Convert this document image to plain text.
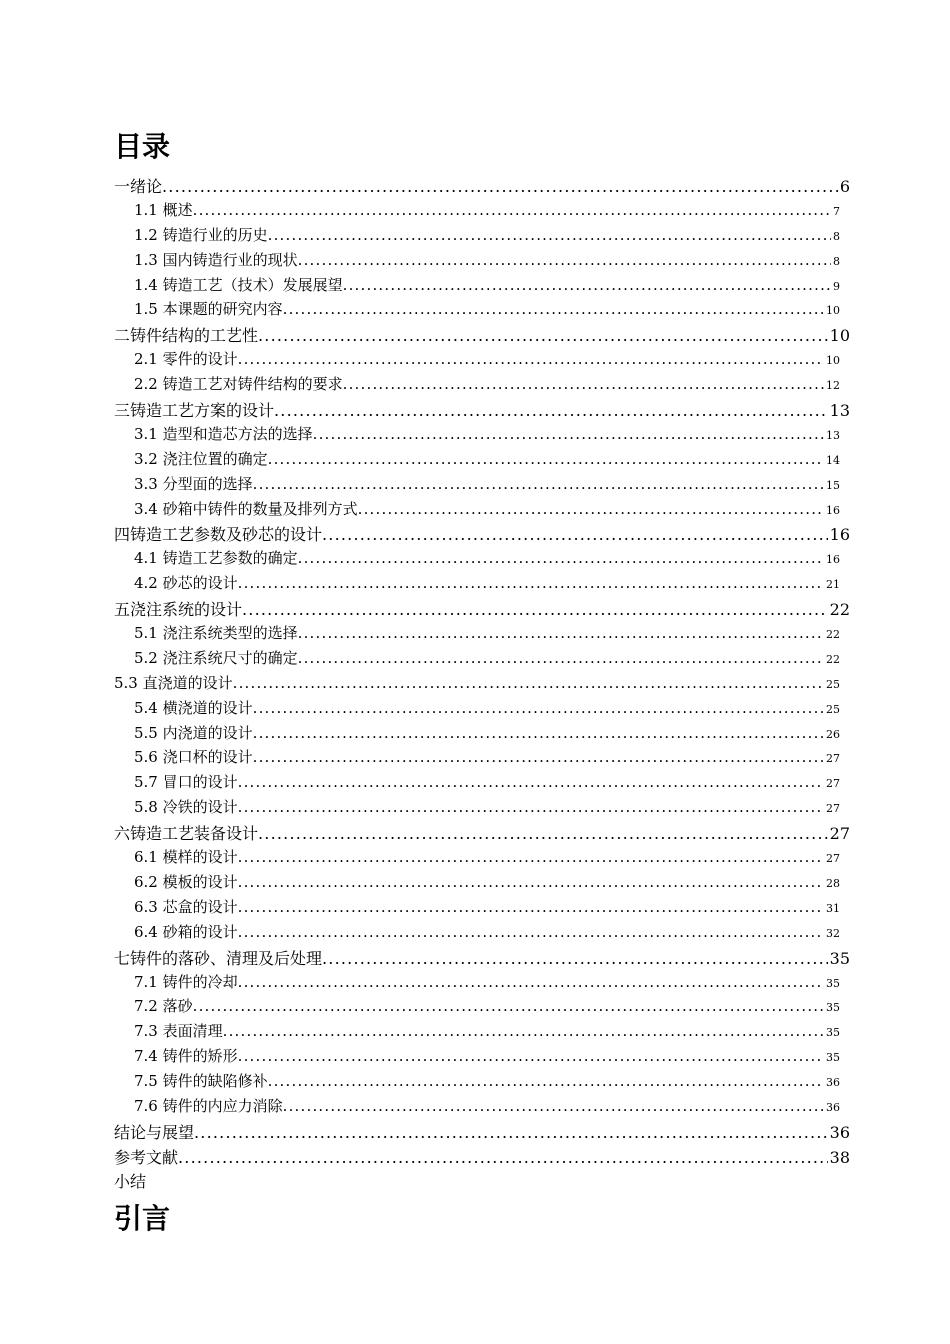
目录
一绪论 .....	6
1.1 概述 .....	7
1.2 铸造行业的历史 .....	8
1.3 国内铸造行业的现状 .....	8
1.4 铸造工艺（技术）发展展望 .....	9
1.5 本课题的研究内容 .....	10
二铸件结构的工艺性 .....	10
2.1 零件的设计 .....	10
2.2 铸造工艺对铸件结构的要求 .....	12
三铸造工艺方案的设计 .....	13
3.1 造型和造芯方法的选择 .....	13
3.2 浇注位置的确定 .....	14
3.3 分型面的选择 .....	15
3.4 砂箱中铸件的数量及排列方式 .....	16
四铸造工艺参数及砂芯的设计 .....	16
4.1 铸造工艺参数的确定 .....	16
4.2 砂芯的设计 .....	21
五浇注系统的设计 .....	22
5.1 浇注系统类型的选择 .....	22
5.2 浇注系统尺寸的确定 .....	22
5.3 直浇道的设计 .....	25
5.4 横浇道的设计 .....	25
5.5 内浇道的设计 .....	26
5.6 浇口杯的设计 .....	27
5.7 冒口的设计 .....	27
5.8 冷铁的设计 .....	27
六铸造工艺装备设计 .....	27
6.1 模样的设计 .....	27
6.2 模板的设计 .....	28
6.3 芯盒的设计 .....	31
6.4 砂箱的设计 .....	32
七铸件的落砂、清理及后处理 .....	35
7.1 铸件的冷却 .....	35
7.2 落砂 .....	35
7.3 表面清理 .....	35
7.4 铸件的矫形 .....	35
7.5 铸件的缺陷修补 .....	36
7.6 铸件的内应力消除 .....	36
结论与展望 .....	36
参考文献 .....	38
小结
引言
